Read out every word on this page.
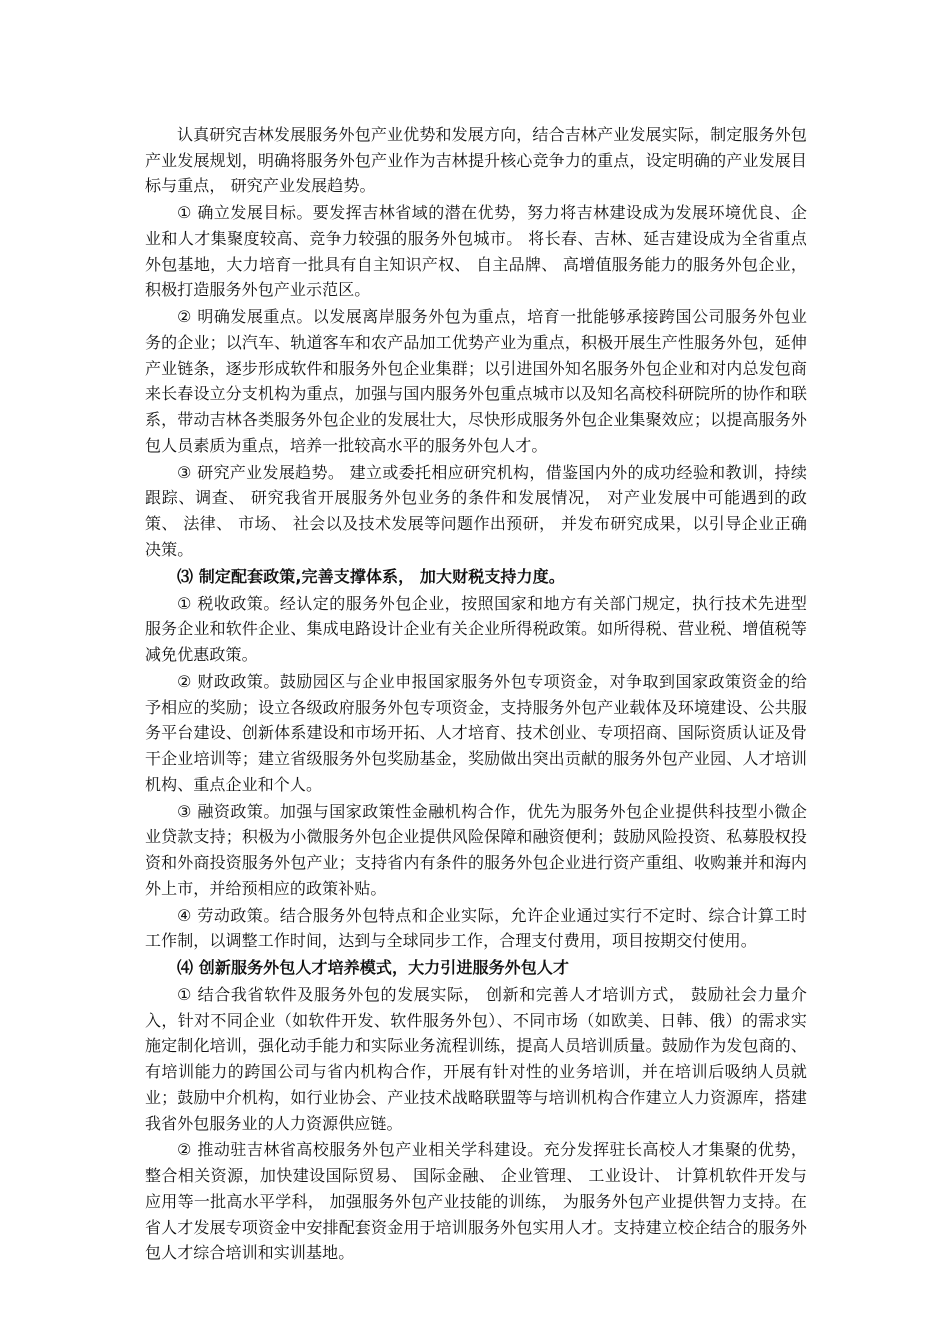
认真研究吉林发展服务外包产业优势和发展方向，结合吉林产业发展实际，制定服务外包产业发展规划，明确将服务外包产业作为吉林提升核心竞争力的重点，设定明确的产业发展目标与重点， 研究产业发展趋势。

① 确立发展目标。要发挥吉林省域的潜在优势，努力将吉林建设成为发展环境优良、企业和人才集聚度较高、竞争力较强的服务外包城市。 将长春、吉林、延吉建设成为全省重点外包基地，大力培育一批具有自主知识产权、 自主品牌、 高增值服务能力的服务外包企业，积极打造服务外包产业示范区。

② 明确发展重点。以发展离岸服务外包为重点，培育一批能够承接跨国公司服务外包业务的企业；以汽车、轨道客车和农产品加工优势产业为重点，积极开展生产性服务外包，延伸产业链条，逐步形成软件和服务外包企业集群；以引进国外知名服务外包企业和对内总发包商来长春设立分支机构为重点，加强与国内服务外包重点城市以及知名高校科研院所的协作和联系，带动吉林各类服务外包企业的发展壮大，尽快形成服务外包企业集聚效应；以提高服务外包人员素质为重点，培养一批较高水平的服务外包人才。

③ 研究产业发展趋势。 建立或委托相应研究机构，借鉴国内外的成功经验和教训，持续跟踪、调查、 研究我省开展服务外包业务的条件和发展情况， 对产业发展中可能遇到的政策、 法律、 市场、 社会以及技术发展等问题作出预研， 并发布研究成果，以引导企业正确决策。

⑶ 制定配套政策,完善支撑体系， 加大财税支持力度。

① 税收政策。经认定的服务外包企业，按照国家和地方有关部门规定，执行技术先进型服务企业和软件企业、集成电路设计企业有关企业所得税政策。如所得税、营业税、增值税等减免优惠政策。

② 财政政策。鼓励园区与企业申报国家服务外包专项资金，对争取到国家政策资金的给予相应的奖励；设立各级政府服务外包专项资金，支持服务外包产业载体及环境建设、公共服务平台建设、创新体系建设和市场开拓、人才培育、技术创业、专项招商、国际资质认证及骨干企业培训等；建立省级服务外包奖励基金，奖励做出突出贡献的服务外包产业园、人才培训机构、重点企业和个人。

③ 融资政策。加强与国家政策性金融机构合作，优先为服务外包企业提供科技型小微企业贷款支持；积极为小微服务外包企业提供风险保障和融资便利；鼓励风险投资、私募股权投资和外商投资服务外包产业；支持省内有条件的服务外包企业进行资产重组、收购兼并和海内外上市，并给预相应的政策补贴。

④ 劳动政策。结合服务外包特点和企业实际，允许企业通过实行不定时、综合计算工时工作制，以调整工作时间，达到与全球同步工作，合理支付费用，项目按期交付使用。

⑷ 创新服务外包人才培养模式，大力引进服务外包人才

① 结合我省软件及服务外包的发展实际， 创新和完善人才培训方式， 鼓励社会力量介入，针对不同企业（如软件开发、软件服务外包）、不同市场（如欧美、日韩、俄）的需求实施定制化培训，强化动手能力和实际业务流程训练，提高人员培训质量。鼓励作为发包商的、有培训能力的跨国公司与省内机构合作，开展有针对性的业务培训，并在培训后吸纳人员就业；鼓励中介机构，如行业协会、产业技术战略联盟等与培训机构合作建立人力资源库，搭建我省外包服务业的人力资源供应链。

② 推动驻吉林省高校服务外包产业相关学科建设。充分发挥驻长高校人才集聚的优势， 整合相关资源，加快建设国际贸易、 国际金融、 企业管理、 工业设计、 计算机软件开发与应用等一批高水平学科， 加强服务外包产业技能的训练， 为服务外包产业提供智力支持。在省人才发展专项资金中安排配套资金用于培训服务外包实用人才。支持建立校企结合的服务外包人才综合培训和实训基地。
